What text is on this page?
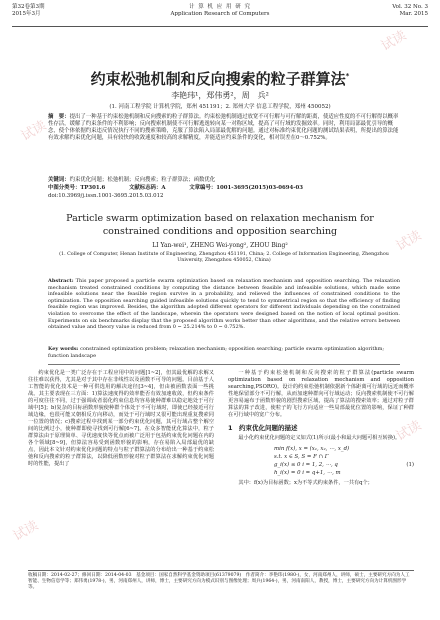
试读
试读
试读
试读
试读
第32卷第3期
2015年3月
计 算 机 应 用 研 究
Application Research of Computers
Vol. 32 No. 3
Mar. 2015
约束松弛机制和反向搜索的粒子群算法*
李艳玮¹，郑伟勇²，周　兵²
(1. 河南工程学院 计算机学院，郑州 451191；2. 郑州大学 信息工程学院，郑州 450052)
摘　要：提出了一种基于约束松弛机制和反向搜索的粒子群算法。约束松弛机制通过放宽不可行解与可行解的距离，使适应性度的不可行解得以概率性存活，缓解了约束条件的不利影响；反向搜索机制使不可行解逃逸转向某一对称区域，提高了可行域的发掘效率。同时，利用局部最优引导的概念，使个体依据约束违反情况执行不同的搜索策略，克服了算法陷入局部最优解的问题。通过对标准约束优化问题的测试结果表明，所提出的算法能有效求解约束优化问题，具有较快的收敛速度和较高的求解精度，并能适应约束条件的变化，相对误差在0～0.752%。
关键词：约束优化问题；松弛机制；反向搜索；粒子群算法；函数优化
中图分类号：TP301.6	文献标志码：A	文章编号：1001-3695(2015)03-0694-03
doi:10.3969/j.issn.1001-3695.2015.03.012
Particle swarm optimization based on relaxation mechanism for constrained conditions and opposition searching
LI Yan-wei¹, ZHENG Wei-yong², ZHOU Bing²
(1. College of Computer, Henan Institute of Engineering, Zhengzhou 451191, China; 2. College of Information Engineering, Zhengzhou University, Zhengzhou 450052, China)
Abstract: This paper proposed a particle swarm optimization based on relaxation mechanism and opposition searching. The relaxation mechanism treated constrained conditions by computing the distance between feasible and infeasible solutions, which made some infeasible solutions near the feasible region survive in a probability, and relieved the influences of constrained conditions to the optimization. The opposition searching guided infeasible solutions quickly to tend to symmetrical region so that the efficiency of finding feasible region was improved. Besides, the algorithm adopted different operators for different individuals depending on the constrained violation to overcome the effect of the landscape, wherein the operators were designed based on the notion of local optimal position. Experiments on six benchmarks display that the proposed algorithm works better than other algorithms, and the relative errors between obtained value and theory value is reduced from 0 ~ 25.214% to 0 ~ 0.752%.
Key words: constrained optimization problem; relaxation mechanism; opposition searching; particle swarm optimization algorithm; function landscape
约束优化是一类广泛存在于工程应用中的问题[1~2]，但其最优解的求解又往往难以获得，尤其是对于其中存在非线性以及函数不可导的问题。目前基于人工智能的优化技术是一种可供选用的解决途径[3~4]，但由被函数表面一些挑战。其主要表现在三方面：1)算法速度得的效率能否有效加速收敛，但约束条件的可度往往不同，过于强调或者弱化约束信息均容易使种群难以稳定地处于可行域中[5]；b)复杂的目标函数形貌使种群个体处于不可行域时，即使已经接近可行域边缘，也很可能又朝相反方向移动，而处于可行域时又很可能出现重复搜索同一位置的情况；c)搜索过程中找到某一部分约束优化问题，其可行域占整个解空间的比例过小，使种群即使寻找到可行解[6~7]。在众多智能优化算法中，粒子群算法由于原理简单、寻优速度快等优点而被广泛用于包括约束优化问题在内的各个领域[8~9]，但算法容易受到函数形貌的影响，存在易陷入局部最优的缺点，因此本文针对约束优化问题的特点与粒子群算法的分布给出一种基于约束松弛和反向搜索的粒子群算法，以降低函数形貌对粒子群算法在求解约束优化问题时的性能，提出了
一种基于约束松弛机制和反向搜索的粒子群算法(particle swarm optimization based on relaxation mechanism and opposition searching,PSORO)。设计的约束松弛机制依据新个体距离可行域的远近而概率性地保留部分不可行解，从而加速种群向可行域运动；反向搜索机制使不可行解更容易遍布于函数形貌的剧烈搜索区域，提高了算法的搜索效率；通过对粒子群算法的算子改进，使粒子的飞行方向适应一些局部最优位置的影响，保证了种群在可行域中的宽广分布。
1　约束优化问题的描述
最小化约束优化问题的定义如式(1)所示(最小和最大问题可相互转换)。
min f(x), x = (x₁, x₂, ⋯, x_d)
s.t. x ∈ S, S = F ∩ Γ
g_i(x) ≤ 0 i = 1, 2, ⋯, q	(1)
h_i(x) = 0 i = q+1, ⋯, m
其中：f(x)为目标函数；x为不等式约束条件，一共有q个；
收稿日期：2014-02-27；修回日期：2014-04-03　基金项目：国家自然科学基金资助项目(61379079)　作者简介：李艳玮(1980-)，女，河南郑州人，讲师，硕士，主要研究方向为人工智能、生物信息学等；郑伟勇(1978-)，男，河南郑州人，讲师，博士，主要研究方向为模式识别与图像处理；周兵(1964-)，男，河南南阳人，教授，博士，主要研究方向为计算机图形学等。
